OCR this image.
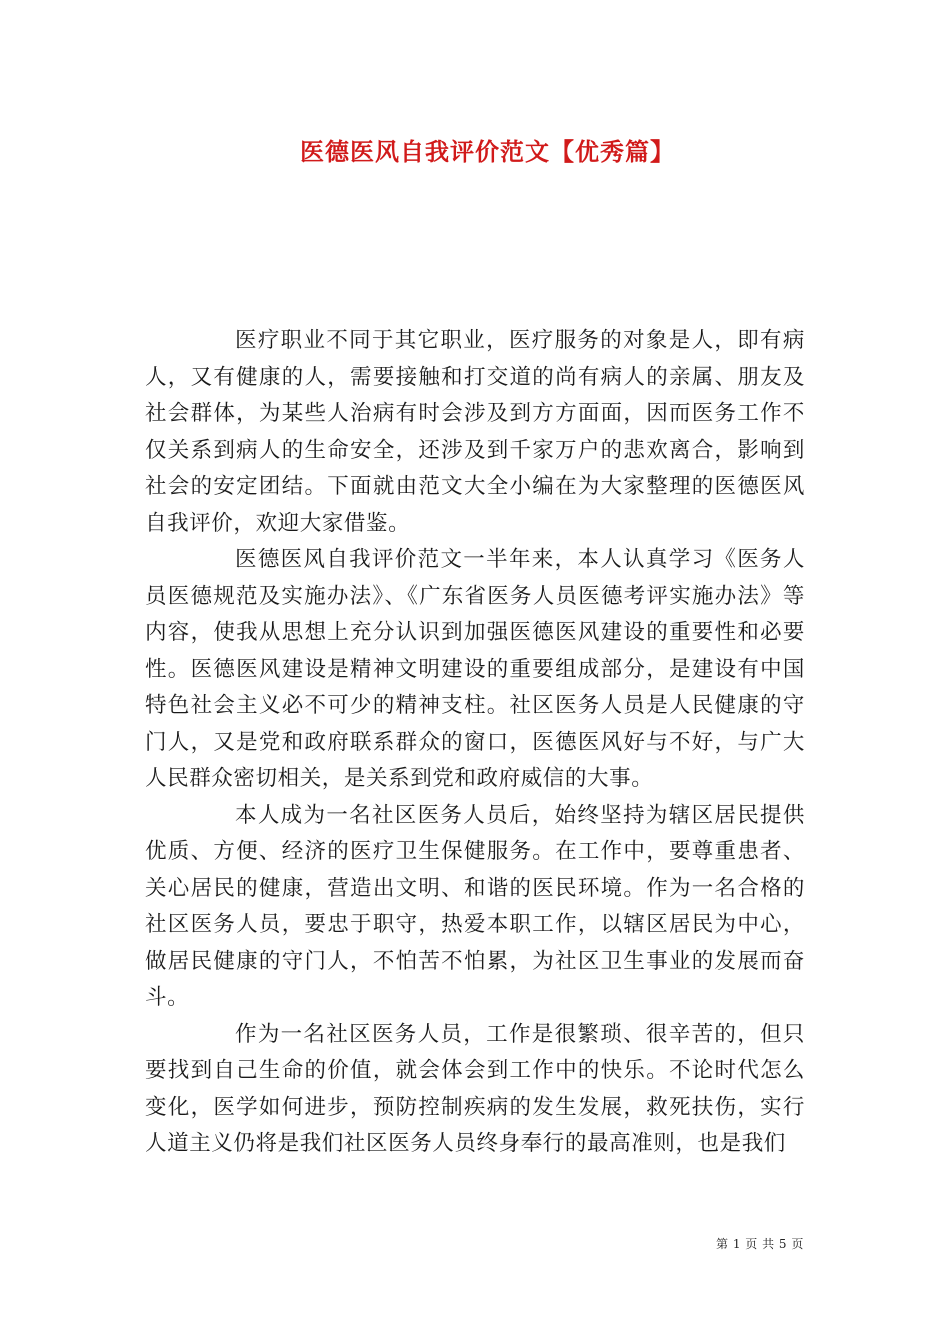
医德医风自我评价范文【优秀篇】

医疗职业不同于其它职业，医疗服务的对象是人，即有病人，又有健康的人，需要接触和打交道的尚有病人的亲属、朋友及社会群体，为某些人治病有时会涉及到方方面面，因而医务工作不仅关系到病人的生命安全，还涉及到千家万户的悲欢离合，影响到社会的安定团结。下面就由范文大全小编在为大家整理的医德医风自我评价，欢迎大家借鉴。

医德医风自我评价范文一半年来，本人认真学习《医务人员医德规范及实施办法》、《广东省医务人员医德考评实施办法》等内容，使我从思想上充分认识到加强医德医风建设的重要性和必要性。医德医风建设是精神文明建设的重要组成部分，是建设有中国特色社会主义必不可少的精神支柱。社区医务人员是人民健康的守门人，又是党和政府联系群众的窗口，医德医风好与不好，与广大人民群众密切相关，是关系到党和政府威信的大事。

本人成为一名社区医务人员后，始终坚持为辖区居民提供优质、方便、经济的医疗卫生保健服务。在工作中，要尊重患者、关心居民的健康，营造出文明、和谐的医民环境。作为一名合格的社区医务人员，要忠于职守，热爱本职工作，以辖区居民为中心，做居民健康的守门人，不怕苦不怕累，为社区卫生事业的发展而奋斗。

作为一名社区医务人员，工作是很繁琐、很辛苦的，但只要找到自己生命的价值，就会体会到工作中的快乐。不论时代怎么变化，医学如何进步，预防控制疾病的发生发展，救死扶伤，实行人道主义仍将是我们社区医务人员终身奉行的最高准则，也是我们

第 1 页 共 5 页
